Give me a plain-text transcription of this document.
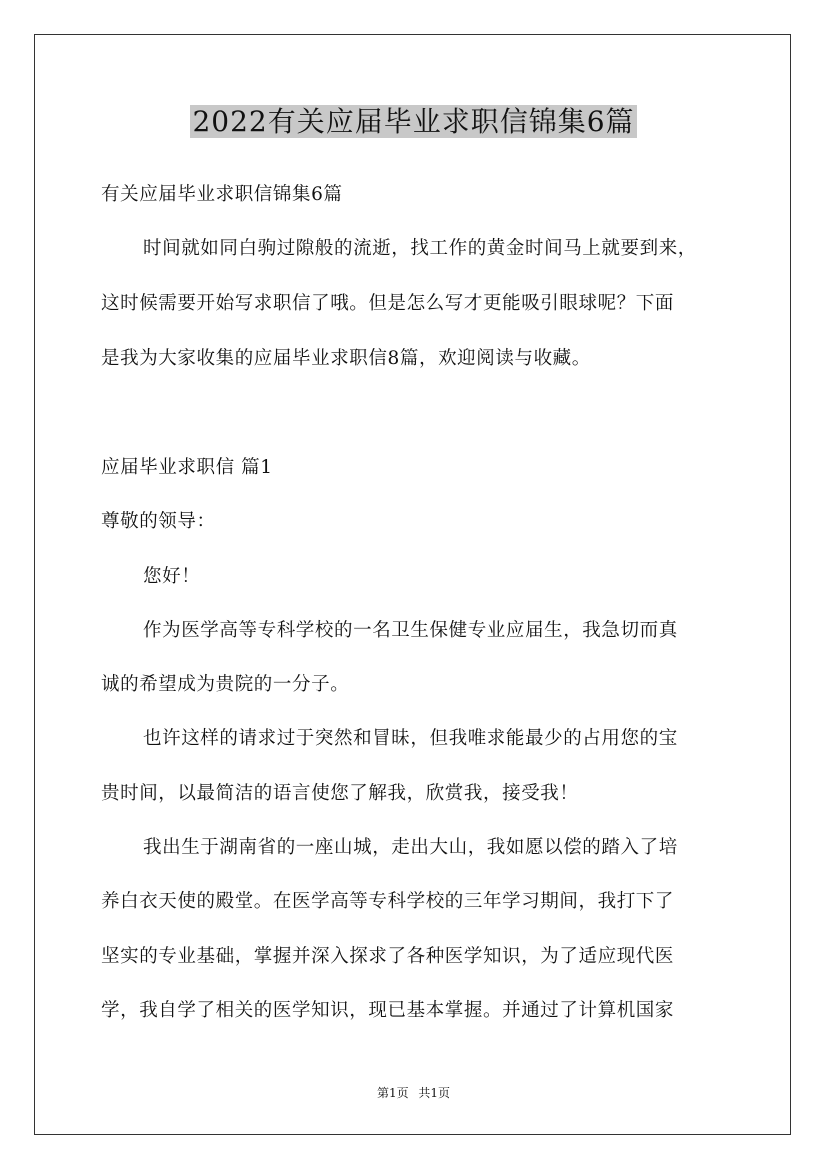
2022有关应届毕业求职信锦集6篇
有关应届毕业求职信锦集6篇
时间就如同白驹过隙般的流逝，找工作的黄金时间马上就要到来，
这时候需要开始写求职信了哦。但是怎么写才更能吸引眼球呢？下面
是我为大家收集的应届毕业求职信8篇，欢迎阅读与收藏。
应届毕业求职信 篇1
尊敬的领导：
您好！
作为医学高等专科学校的一名卫生保健专业应届生，我急切而真
诚的希望成为贵院的一分子。
也许这样的请求过于突然和冒昧，但我唯求能最少的占用您的宝
贵时间，以最简洁的语言使您了解我，欣赏我，接受我！
我出生于湖南省的一座山城，走出大山，我如愿以偿的踏入了培
养白衣天使的殿堂。在医学高等专科学校的三年学习期间，我打下了
坚实的专业基础，掌握并深入探求了各种医学知识，为了适应现代医
学，我自学了相关的医学知识，现已基本掌握。并通过了计算机国家
第1页 共1页
